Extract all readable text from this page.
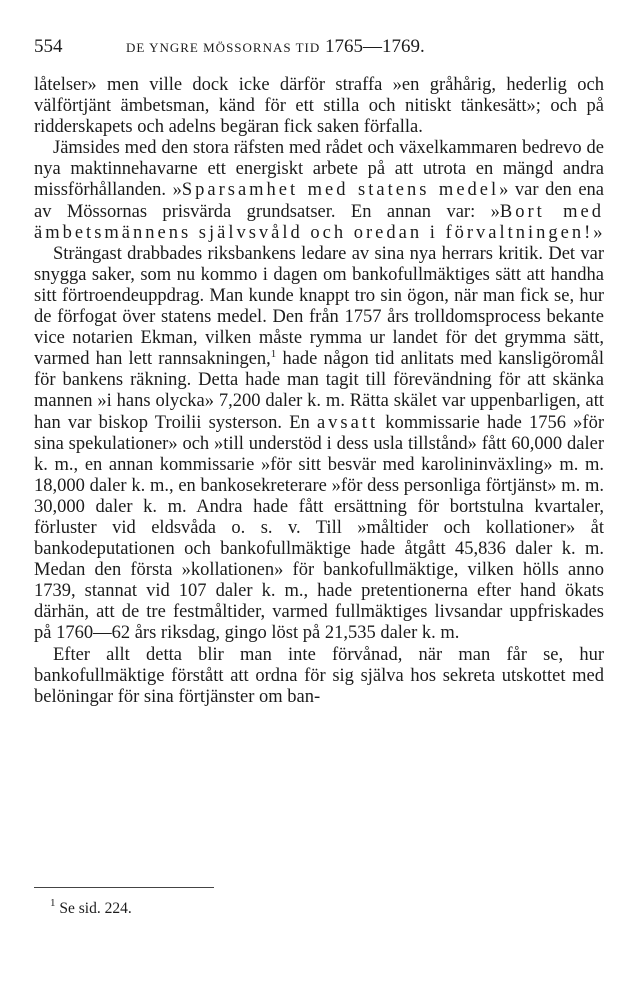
554	DE YNGRE MÖSSORNAS TID 1765—1769.

låtelser» men ville dock icke därför straffa »en gråhårig, hederlig och välförtjänt ämbetsman, känd för ett stilla och nitiskt tänkesätt»; och på ridderskapets och adelns begäran fick saken förfalla.

Jämsides med den stora räfsten med rådet och växelkammaren bedrevo de nya maktinnehavarne ett energiskt arbete på att utrota en mängd andra missförhållanden. »Sparsamhet med statens medel» var den ena av Mössornas prisvärda grundsatser. En annan var: »Bort med ämbetsmännens självsvåld och oredan i förvaltningen!»

Strängast drabbades riksbankens ledare av sina nya herrars kritik. Det var snygga saker, som nu kommo i dagen om bankofullmäktiges sätt att handha sitt förtroendeuppdrag. Man kunde knappt tro sin ögon, när man fick se, hur de förfogat över statens medel. Den från 1757 års trolldomsprocess bekante vice notarien Ekman, vilken måste rymma ur landet för det grymma sätt, varmed han lett rannsakningen,$^1$ hade någon tid anlitats med kansligöromål för bankens räkning. Detta hade man tagit till förevändning för att skänka mannen »i hans olycka» 7,200 daler k. m. Rätta skälet var uppenbarligen, att han var biskop Troilii systerson. En avsatt kommissarie hade 1756 »för sina spekulationer» och »till understöd i dess usla tillstånd» fått 60,000 daler k. m., en annan kommissarie »för sitt besvär med karolininväxling» m. m. 18,000 daler k. m., en bankosekreterare »för dess personliga förtjänst» m. m. 30,000 daler k. m. Andra hade fått ersättning för bortstulna kvartaler, förluster vid eldsvåda o. s. v. Till »måltider och kollationer» åt bankodeputationen och bankofullmäktige hade åtgått 45,836 daler k. m. Medan den första »kollationen» för bankofullmäktige, vilken hölls anno 1739, stannat vid 107 daler k. m., hade pretentionerna efter hand ökats därhän, att de tre festmåltider, varmed fullmäktiges livsandar uppfriskades på 1760—62 års riksdag, gingo löst på 21,535 daler k. m.

Efter allt detta blir man inte förvånad, när man får se, hur bankofullmäktige förstått att ordna för sig själva hos sekreta utskottet med belöningar för sina förtjänster om ban-

$^1$ Se sid. 224.
